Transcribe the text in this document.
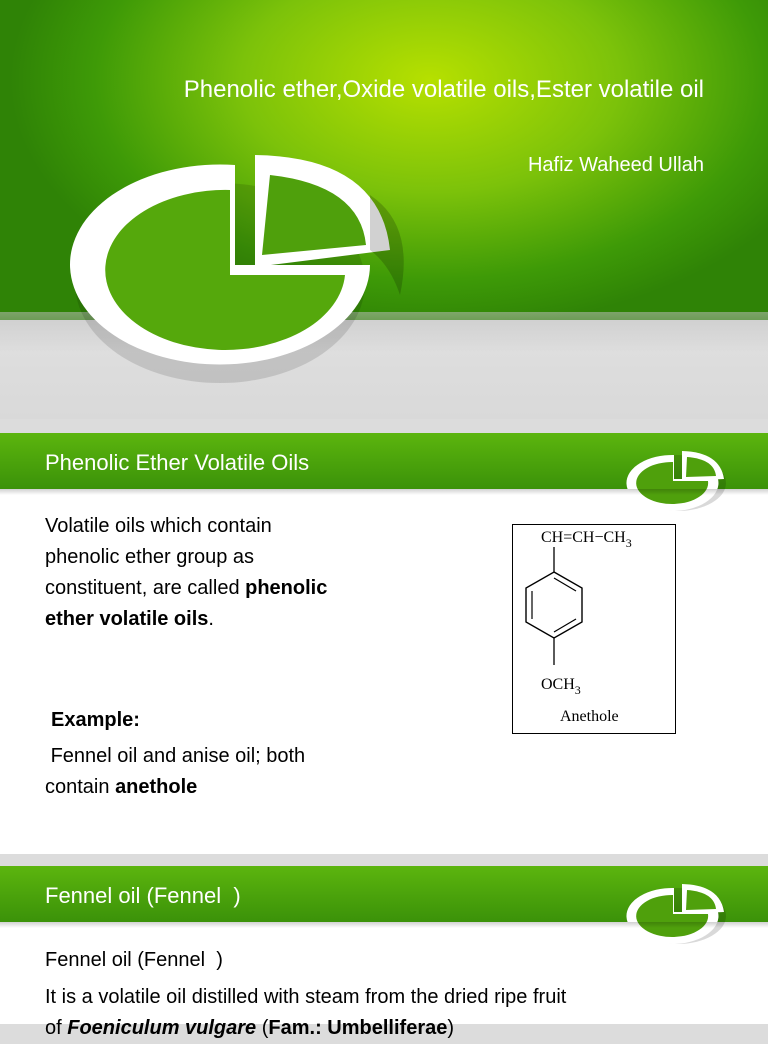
Phenolic ether,Oxide volatile oils,Ester volatile oil
Hafiz Waheed Ullah
Phenolic Ether Volatile Oils
Volatile oils which contain phenolic ether group as constituent, are called phenolic ether volatile oils.
Example:
Fennel oil and anise oil; both contain anethole
$CH=CH-CH_3$
$OCH_3$
Anethole
Fennel oil (Fennel  )
Fennel oil (Fennel  )
It is a volatile oil distilled with steam from the dried ripe fruit
of Foeniculum vulgare (Fam.: Umbelliferae)
